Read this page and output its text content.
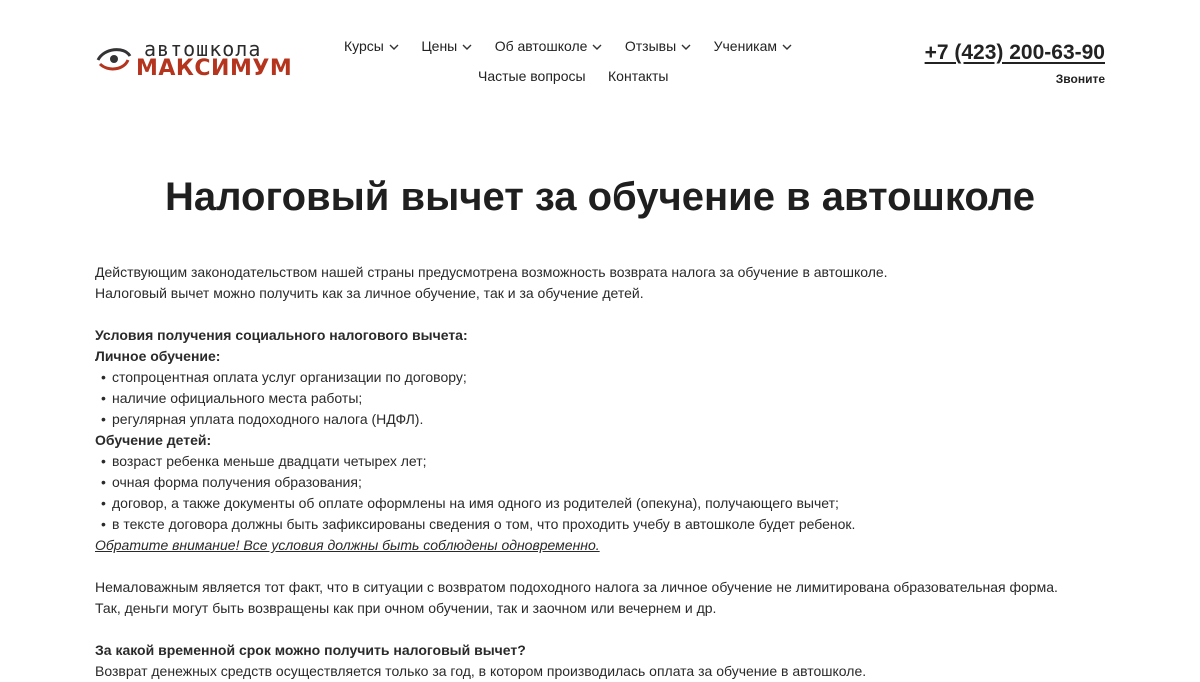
автошкола
МАКСИМУМ
Курсы	Цены	Об автошколе	Отзывы	Ученикам
Частые вопросы Контакты
+7 (423) 200-63-90
Звоните
Налоговый вычет за обучение в автошколе

Действующим законодательством нашей страны предусмотрена возможность возврата налога за обучение в автошколе.

Налоговый вычет можно получить как за личное обучение, так и за обучение детей.

Условия получения социального налогового вычета:

Личное обучение:

• стопроцентная оплата услуг организации по договору;

• наличие официального места работы;

• регулярная уплата подоходного налога (НДФЛ).

Обучение детей:

• возраст ребенка меньше двадцати четырех лет;

• очная форма получения образования;

• договор, а также документы об оплате оформлены на имя одного из родителей (опекуна), получающего вычет;

• в тексте договора должны быть зафиксированы сведения о том, что проходить учебу в автошколе будет ребенок.

Обратите внимание! Все условия должны быть соблюдены одновременно.

Немаловажным является тот факт, что в ситуации с возвратом подоходного налога за личное обучение не лимитирована образовательная форма.

Так, деньги могут быть возвращены как при очном обучении, так и заочном или вечернем и др.

За какой временной срок можно получить налоговый вычет?

Возврат денежных средств осуществляется только за год, в котором производилась оплата за обучение в автошколе.
